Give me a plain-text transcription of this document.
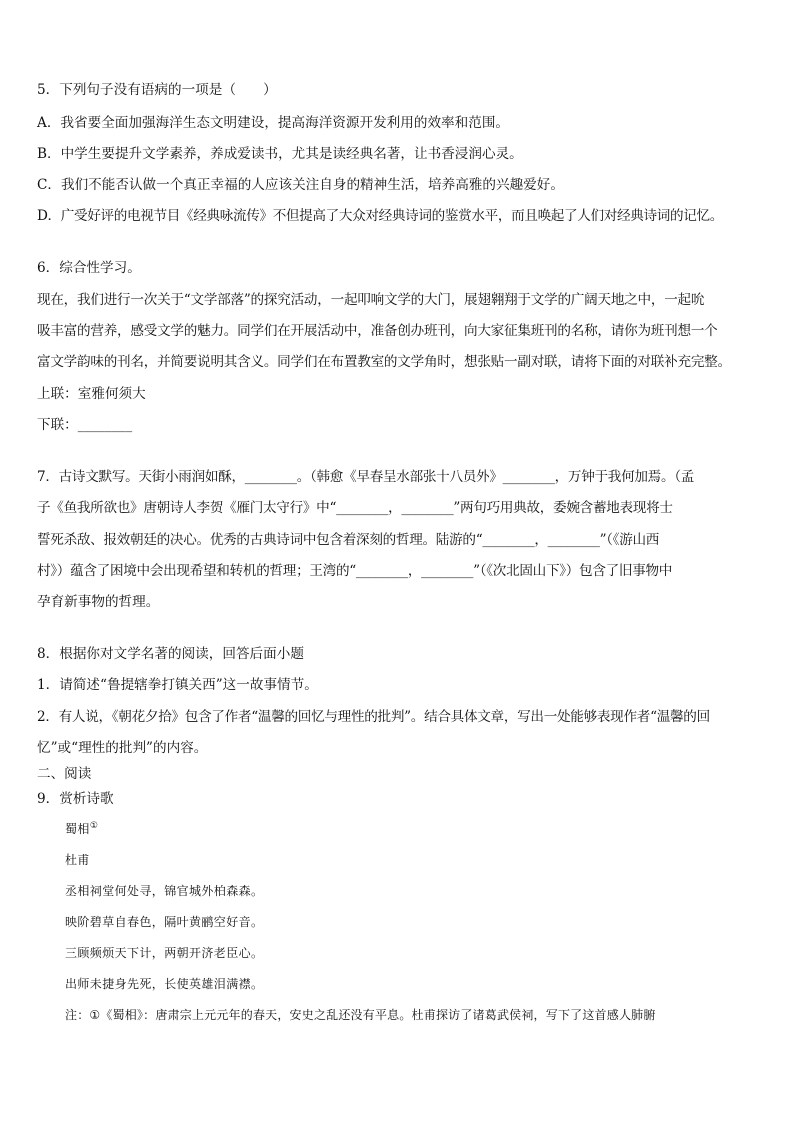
5．下列句子没有语病的一项是（　　）
A．我省要全面加强海洋生态文明建设，提高海洋资源开发利用的效率和范围。
B．中学生要提升文学素养，养成爱读书，尤其是读经典名著，让书香浸润心灵。
C．我们不能否认做一个真正幸福的人应该关注自身的精神生活，培养高雅的兴趣爱好。
D．广受好评的电视节目《经典咏流传》不但提高了大众对经典诗词的鉴赏水平，而且唤起了人们对经典诗词的记忆。
6．综合性学习。
现在，我们进行一次关于“文学部落”的探究活动，一起叩响文学的大门，展翅翱翔于文学的广阔天地之中，一起吮
吸丰富的营养，感受文学的魅力。同学们在开展活动中，准备创办班刊，向大家征集班刊的名称，请你为班刊想一个
富文学韵味的刊名，并简要说明其含义。同学们在布置教室的文学角时，想张贴一副对联，请将下面的对联补充完整。
上联：室雅何须大
下联：________
7．古诗文默写。天街小雨润如酥，________。（韩愈《早春呈水部张十八员外》________，万钟于我何加焉。（孟
子《鱼我所欲也》唐朝诗人李贺《雁门太守行》中“________，________”两句巧用典故，委婉含蓄地表现将士
誓死杀敌、报效朝廷的决心。优秀的古典诗词中包含着深刻的哲理。陆游的“________，________”（《游山西
村》）蕴含了困境中会出现希望和转机的哲理；王湾的“________，________”（《次北固山下》）包含了旧事物中
孕育新事物的哲理。
8．根据你对文学名著的阅读，回答后面小题
1．请简述“鲁提辖拳打镇关西”这一故事情节。
2．有人说，《朝花夕拾》包含了作者“温馨的回忆与理性的批判”。结合具体文章，写出一处能够表现作者“温馨的回
忆”或“理性的批判”的内容。
二、阅读
9．赏析诗歌
蜀相①
杜甫
丞相祠堂何处寻，锦官城外柏森森。
映阶碧草自春色，隔叶黄鹂空好音。
三顾频烦天下计，两朝开济老臣心。
出师未捷身先死，长使英雄泪满襟。
注：①《蜀相》：唐肃宗上元元年的春天，安史之乱还没有平息。杜甫探访了诸葛武侯祠，写下了这首感人肺腑
